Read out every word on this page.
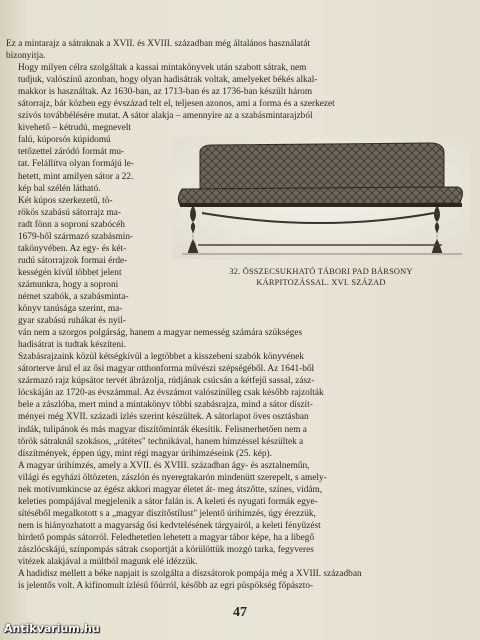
Ez a mintarajz a sátraknak a XVII. és XVIII. században még általános használatát
bizonyítja.

Hogy milyen célra szolgáltak a kassai mintakönyvek után szabott sátrak, nem
tudjuk, valószínű azonban, hogy olyan hadisátrak voltak, amelyeket békés alkal-
makkor is használtak. Az 1630-ban, az 1713-ban és az 1736-ban készült három
sátorrajz, bár közben egy évszázad telt el, teljesen azonos, ami a forma és a szerkezet
szívós továbbélésére mutat. A sátor alakja – amennyire az a szabásmintarajzból
kivehető – kétrudú, megnevelt
falú, kúporsós kúpidomú
tetőzettel záródó formát mu-
tat. Felállítva olyan formájú le-
hetett, mint amilyen sátor a 22.
kép bal szélén látható.

Két kúpos szerkezetű, tö-
rökös szabású sátorrajz ma-
radt fönn a soproni szabócéh
1679-ből származó szabásmin-
takönyvében. Az egy- és két-
rudú sátorrajzok formai érde-
kességén kívül többet jelent
számunkra, hogy a soproni
német szabók, a szabásminta-
könyv tanúsága szerint, ma-
gyar szabású ruhákat és nyil-
ván nem a szorgos polgárság, hanem a magyar nemesség számára szükséges
hadisátrat is tudtak készíteni.

Szabásrajzaink közül kétségkívül a legtöbbet a kisszebeni szabók könyvének
sátorterve árul el az ősi magyar otthonforma művészi szépségéből. Az 1641-ből
származó rajz kúpsátor tervét ábrázolja, rúdjának csúcsán a kétfejű sassal, zász-
lócskáján az 1720-as évszámmal. Az évszámot valószínűleg csak később rajzolták
bele a zászlóba, mert mind a mintakönyv többi szabásrajza, mind a sátor díszít-
ményei még XVII. századi ízlés szerint készültek. A sátorlapot öves osztásban
indák, tulipánok és más magyar díszítőminták ékesítik. Felismerhetően nem a
török sátraknál szokásos, „rátétes" technikával, hanem hímzéssel készültek a
díszítmények, éppen úgy, mint régi magyar úrihímzéseink (25. kép).

A magyar úrihímzés, amely a XVII. és XVIII. században ágy- és asztalneműn,
világi és egyházi öltözeten, zászlón és nyeregtakarón mindenütt szerepelt, s amely-
nek motívumkincse az égész akkori magyar életet át- meg átszőtte, színes, vidám,
keleties pompájával megjelenik a sátor falán is. A keleti és nyugati formák egye-
sítéséből megalkotott s a „magyar díszítőstílust" jelentő úrihímzés, úgy érezzük,
nem is hiányozhatott a magyarság ősi kedvtelésének tárgyairól, a keleti fényűzést
hirdető pompás sátorról. Feledhetetlen lehetett a magyar tábor képe, ha a libegő
zászlócskájú, színpompás sátrak csoportját a körülöttük mozgó tarka, fegyveres
vitézek alakjával a múltból magunk elé idézzük.

A hadidisz mellett a béke napjait is szolgálta a díszsátorok pompája még a XVIII. században
is jelentős volt. A kifinomult ízlésű főúrról, később az egri püspökség főpászto-

32. ÖSSZECSUKHATÓ TÁBORI PAD BÁRSONY
KÁRPITOZÁSSAL. XVI. SZÁZAD
47
Antikvarium.hu
